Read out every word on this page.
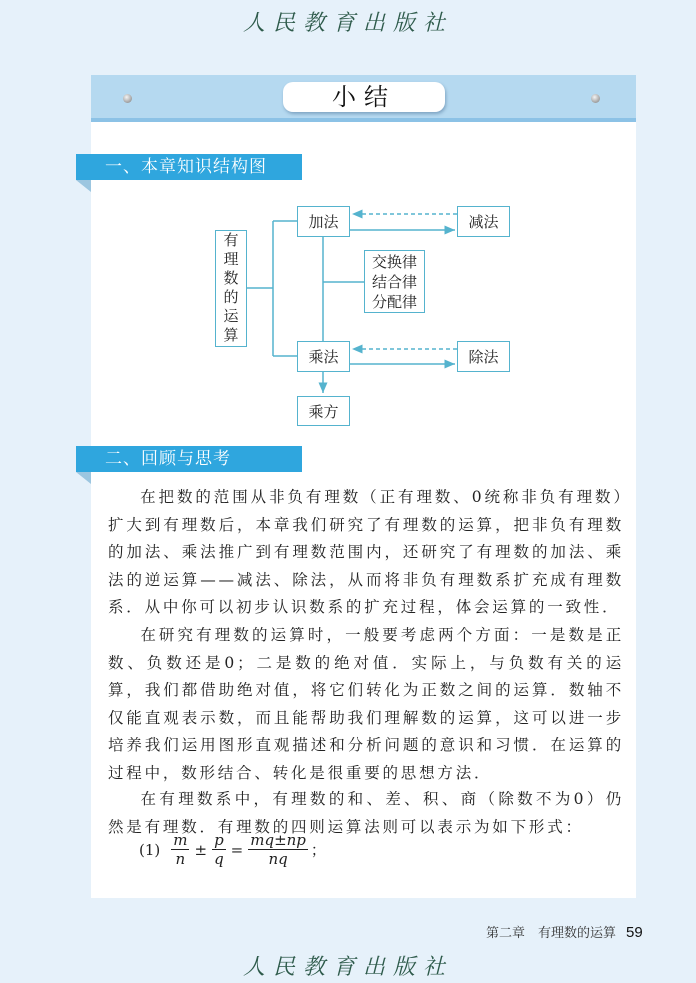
人民教育出版社
小结
一、本章知识结构图
有理数的运算
加法	减法
交换律
结合律
分配律
乘法	除法
乘方
二、回顾与思考
在把数的范围从非负有理数（正有理数、0统称非负有理数）扩大到有理数后，本章我们研究了有理数的运算，把非负有理数的加法、乘法推广到有理数范围内，还研究了有理数的加法、乘法的逆运算——减法、除法，从而将非负有理数系扩充成有理数系．从中你可以初步认识数系的扩充过程，体会运算的一致性．
在研究有理数的运算时，一般要考虑两个方面：一是数是正数、负数还是0；二是数的绝对值．实际上，与负数有关的运算，我们都借助绝对值，将它们转化为正数之间的运算．数轴不仅能直观表示数，而且能帮助我们理解数的运算，这可以进一步培养我们运用图形直观描述和分析问题的意识和习惯．在运算的过程中，数形结合、转化是很重要的思想方法．
在有理数系中，有理数的和、差、积、商（除数不为0）仍然是有理数．有理数的四则运算法则可以表示为如下形式：
$(1) \frac{m}{n} \pm \frac{p}{q} = \frac{mq\pm np}{nq}$ ；
第二章　有理数的运算 59
人民教育出版社
